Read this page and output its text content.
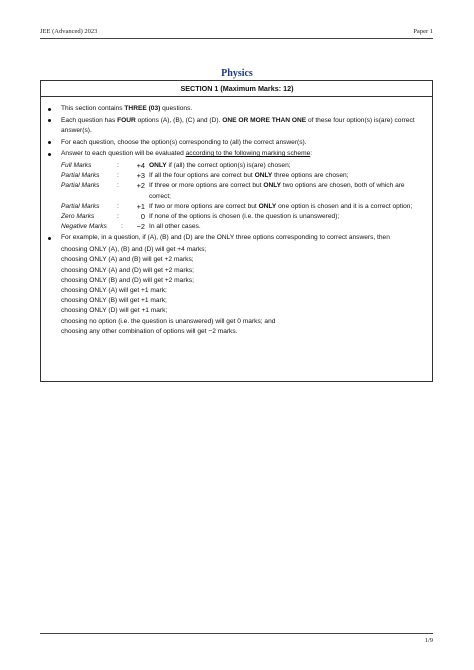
JEE (Advanced) 2023	Paper 1
Physics
SECTION 1 (Maximum Marks: 12)
This section contains THREE (03) questions.
Each question has FOUR options (A), (B), (C) and (D). ONE OR MORE THAN ONE of these four option(s) is(are) correct answer(s).
For each question, choose the option(s) corresponding to (all) the correct answer(s).
Answer to each question will be evaluated according to the following marking scheme:
Full Marks	:	+4 ONLY if (all) the correct option(s) is(are) chosen;
Partial Marks	:	+3 If all the four options are correct but ONLY three options are chosen;
Partial Marks	:	+2 If three or more options are correct but ONLY two options are chosen, both of which are correct;
Partial Marks	:	+1 If two or more options are correct but ONLY one option is chosen and it is a correct option;
Zero Marks	:	0 If none of the options is chosen (i.e. the question is unanswered);
Negative Marks	:	−2 In all other cases.
For example, in a question, if (A), (B) and (D) are the ONLY three options corresponding to correct answers, then
choosing ONLY (A), (B) and (D) will get +4 marks;
choosing ONLY (A) and (B) will get +2 marks;
choosing ONLY (A) and (D) will get +2 marks;
choosing ONLY (B) and (D) will get +2 marks;
choosing ONLY (A) will get +1 mark;
choosing ONLY (B) will get +1 mark;
choosing ONLY (D) will get +1 mark;
choosing no option (i.e. the question is unanswered) will get 0 marks; and
choosing any other combination of options will get −2 marks.
1/9
